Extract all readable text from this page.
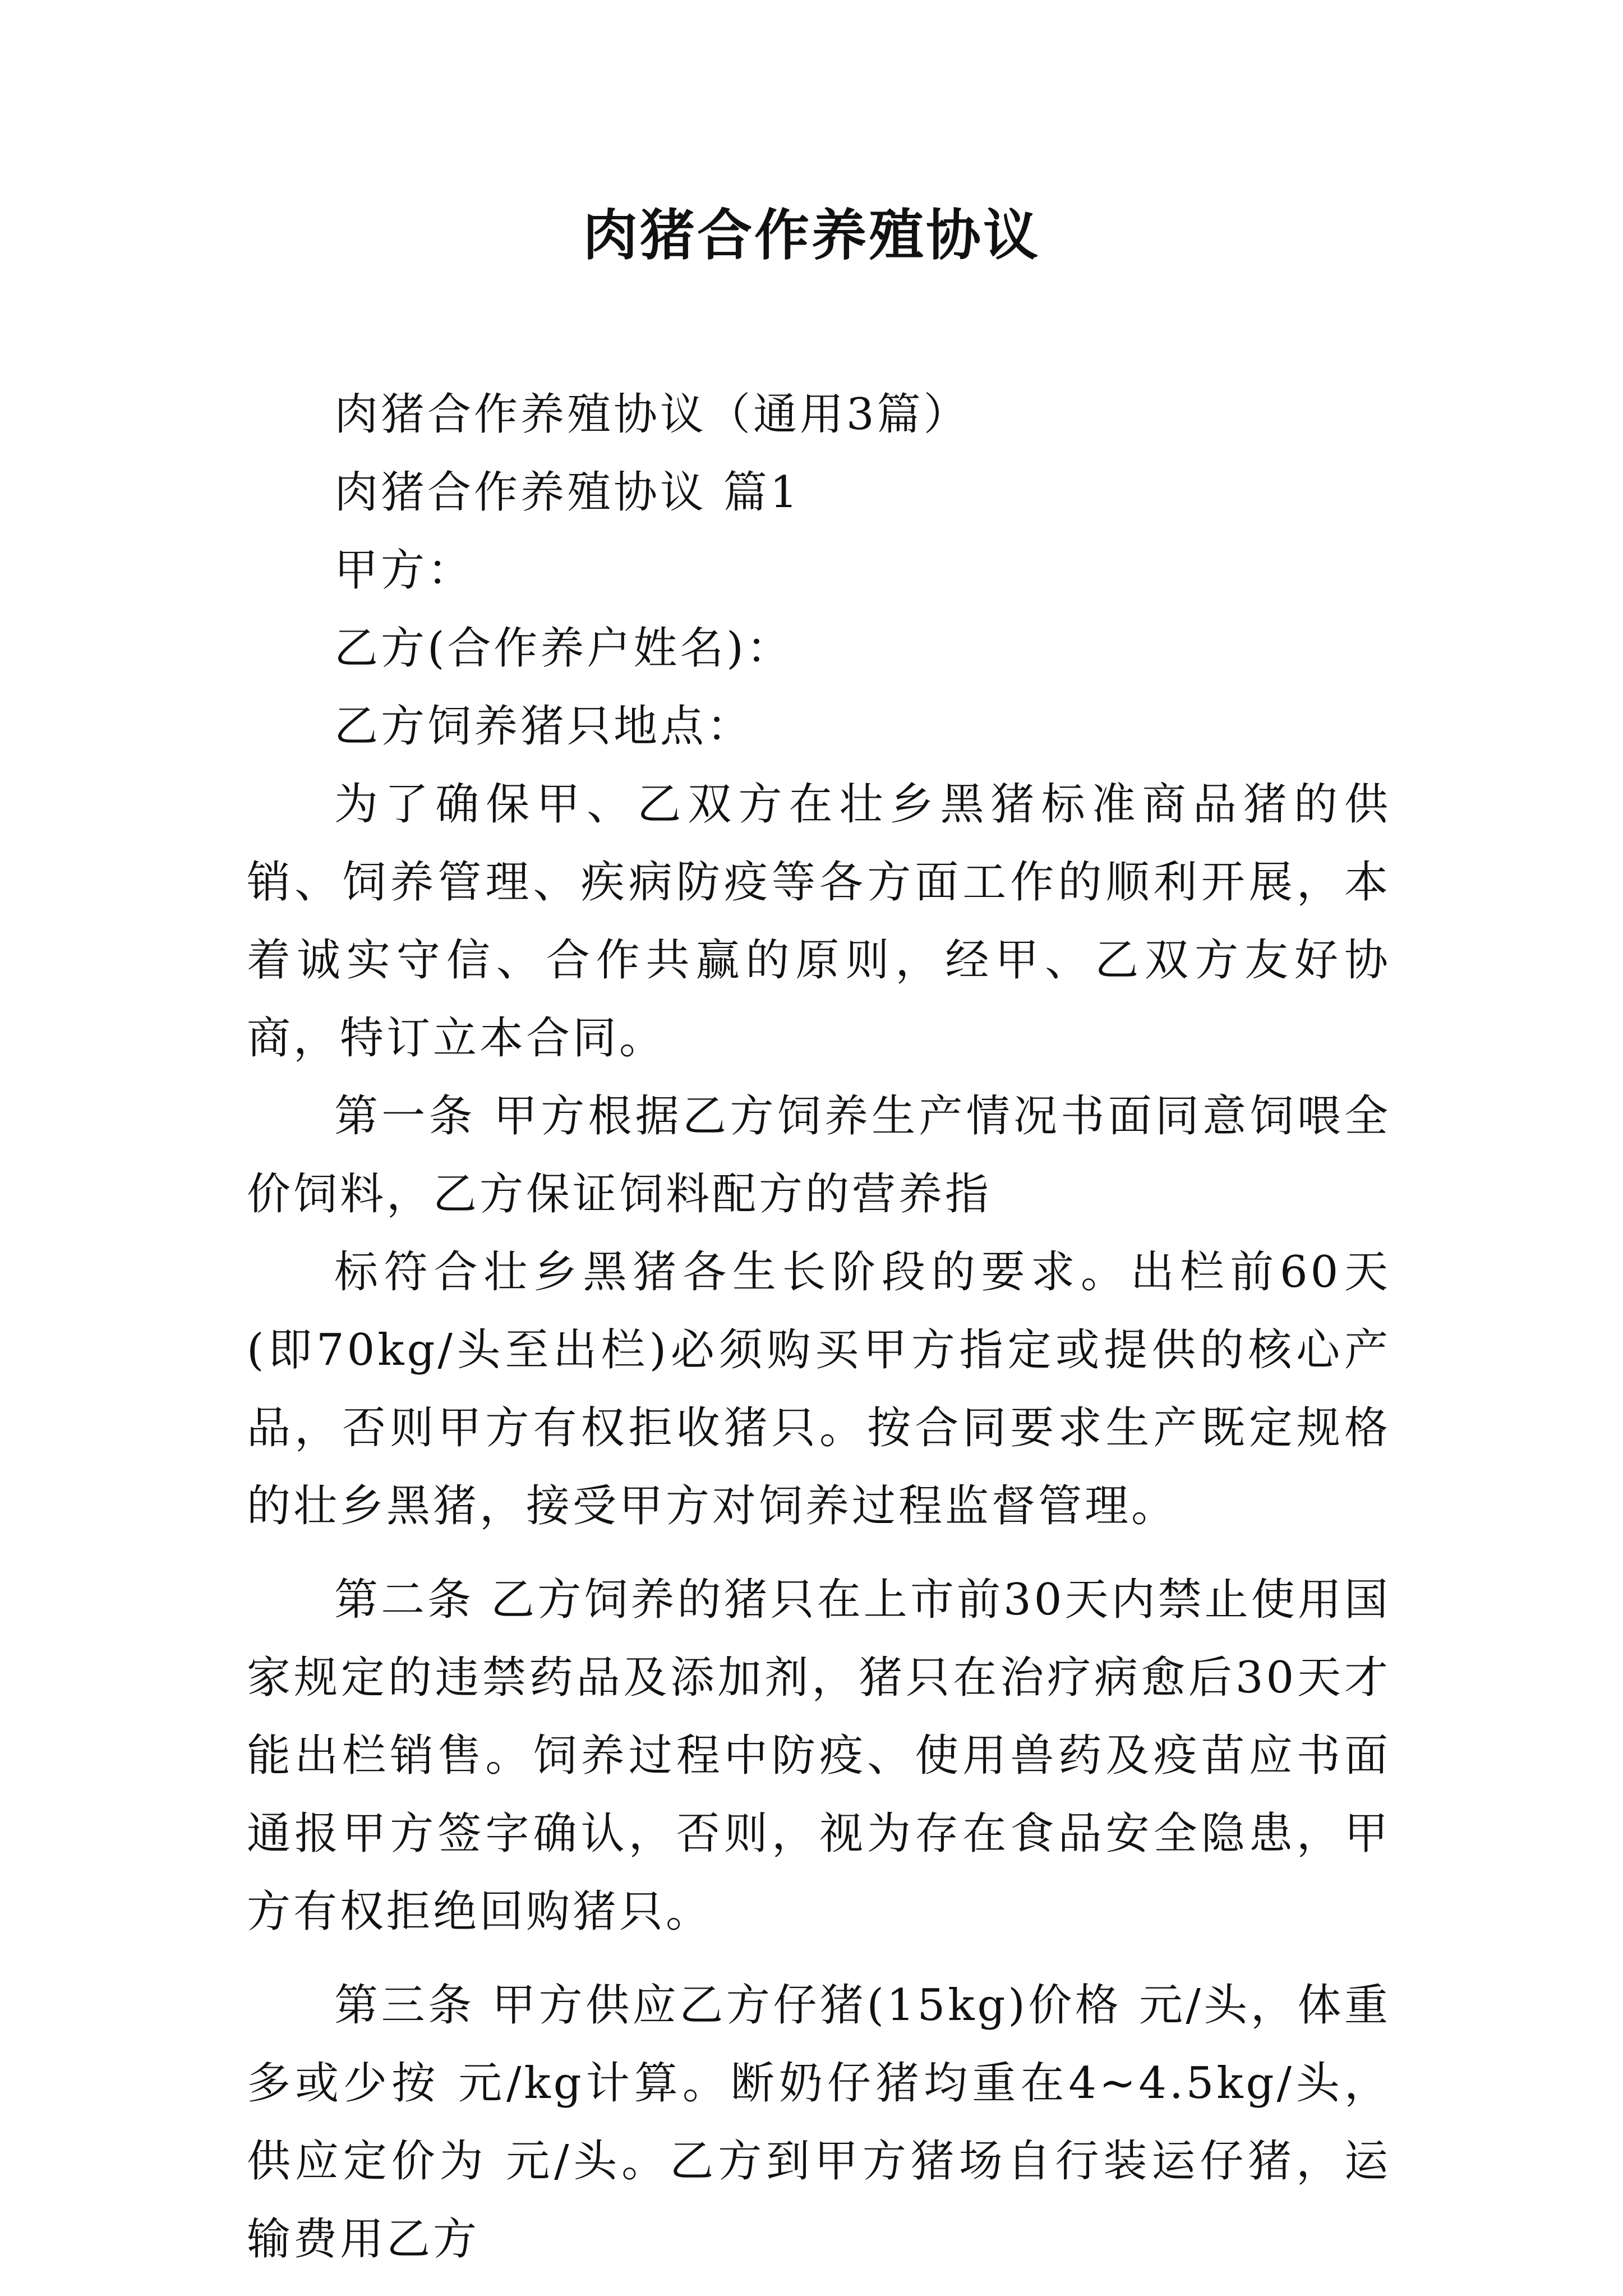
肉猪合作养殖协议

肉猪合作养殖协议（通用3篇）

肉猪合作养殖协议 篇1

甲方：

乙方(合作养户姓名)：

乙方饲养猪只地点：

为了确保甲、乙双方在壮乡黑猪标准商品猪的供销、饲养管理、疾病防疫等各方面工作的顺利开展，本着诚实守信、合作共赢的原则，经甲、乙双方友好协商，特订立本合同。

第一条 甲方根据乙方饲养生产情况书面同意饲喂全价饲料，乙方保证饲料配方的营养指

标符合壮乡黑猪各生长阶段的要求。出栏前60天(即70kg/头至出栏)必须购买甲方指定或提供的核心产品，否则甲方有权拒收猪只。按合同要求生产既定规格的壮乡黑猪，接受甲方对饲养过程监督管理。

第二条 乙方饲养的猪只在上市前30天内禁止使用国家规定的违禁药品及添加剂，猪只在治疗病愈后30天才能出栏销售。饲养过程中防疫、使用兽药及疫苗应书面通报甲方签字确认，否则，视为存在食品安全隐患，甲方有权拒绝回购猪只。

第三条 甲方供应乙方仔猪(15kg)价格 元/头，体重多或少按 元/kg计算。断奶仔猪均重在4~4.5kg/头，供应定价为 元/头。乙方到甲方猪场自行装运仔猪，运输费用乙方
